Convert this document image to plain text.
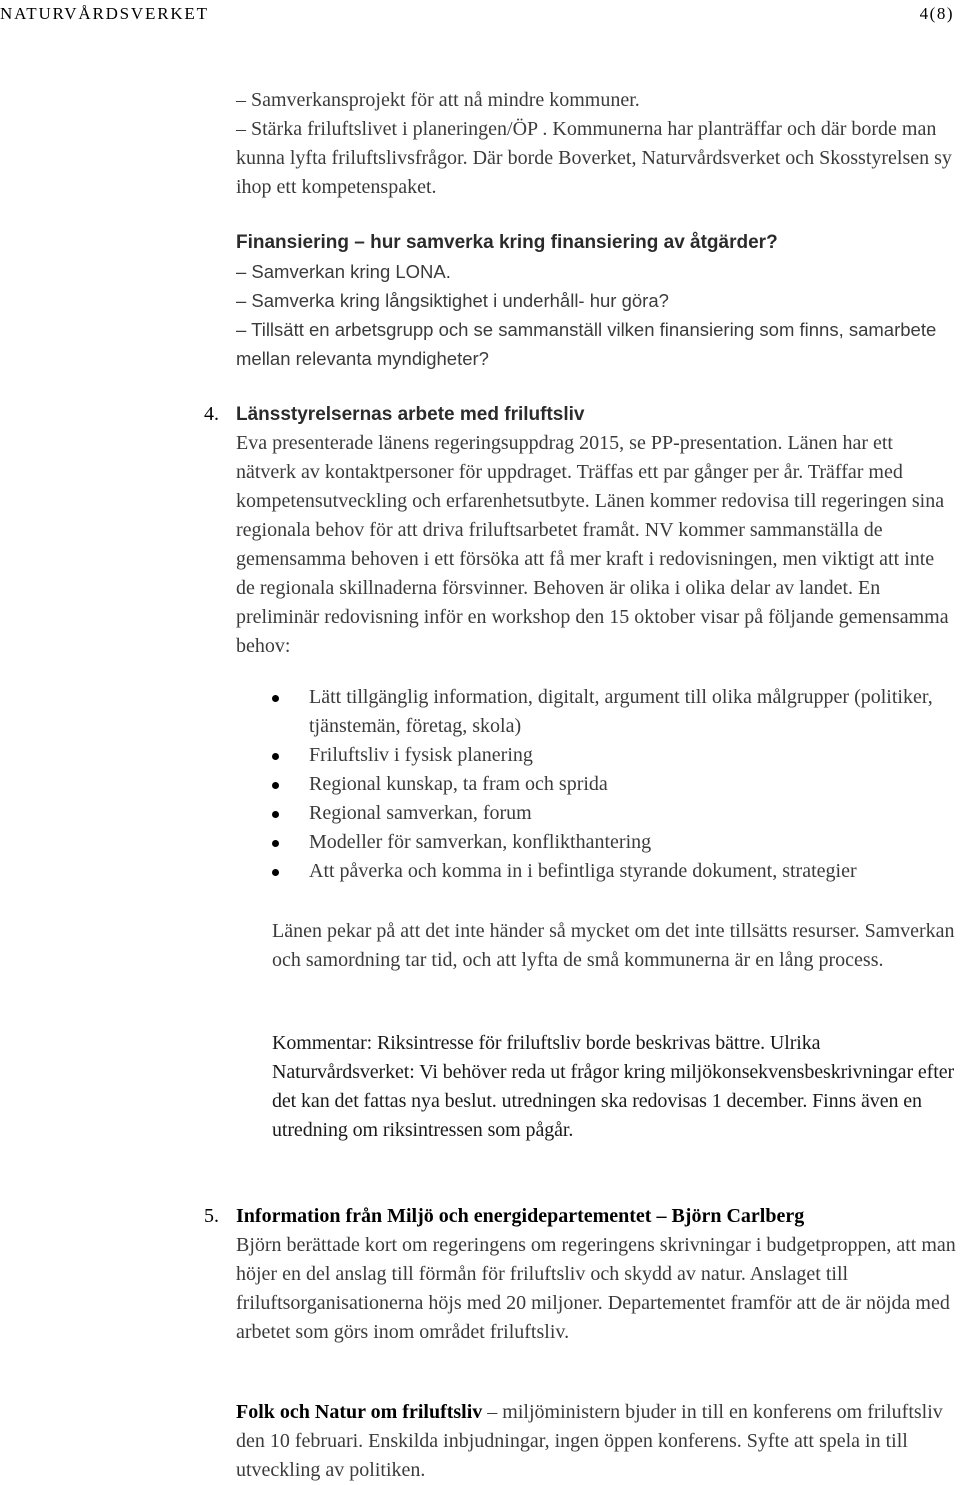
NATURVÅRDSVERKET	4(8)
– Samverkansprojekt för att nå mindre kommuner.
– Stärka friluftslivet i planeringen/ÖP . Kommunerna har planträffar och där borde man kunna lyfta friluftslivsfrågor. Där borde Boverket, Naturvårdsverket och Skosstyrelsen sy ihop ett kompetenspaket.
Finansiering – hur samverka kring finansiering av åtgärder?
– Samverkan kring LONA.
– Samverka kring långsiktighet i underhåll- hur göra?
– Tillsätt en arbetsgrupp och se sammanställ vilken finansiering som finns, samarbete mellan relevanta myndigheter?
4. Länsstyrelsernas arbete med friluftsliv
Eva presenterade länens regeringsuppdrag 2015, se PP-presentation. Länen har ett nätverk av kontaktpersoner för uppdraget. Träffas ett par gånger per år. Träffar med kompetensutveckling och erfarenhetsutbyte. Länen kommer redovisa till regeringen sina regionala behov för att driva friluftsarbetet framåt. NV kommer sammanställa de gemensamma behoven i ett försöka att få mer kraft i redovisningen, men viktigt att inte de regionala skillnaderna försvinner. Behoven är olika i olika delar av landet. En preliminär redovisning inför en workshop den 15 oktober visar på följande gemensamma behov:
Lätt tillgänglig information, digitalt, argument till olika målgrupper (politiker, tjänstemän, företag, skola)
Friluftsliv i fysisk planering
Regional kunskap, ta fram och sprida
Regional samverkan, forum
Modeller för samverkan, konflikthantering
Att påverka och komma in i befintliga styrande dokument, strategier
Länen pekar på att det inte händer så mycket om det inte tillsätts resurser. Samverkan och samordning tar tid, och att lyfta de små kommunerna är en lång process.
Kommentar: Riksintresse för friluftsliv borde beskrivas bättre. Ulrika Naturvårdsverket: Vi behöver reda ut frågor kring miljökonsekvensbeskrivningar efter det kan det fattas nya beslut. utredningen ska redovisas 1 december. Finns även en utredning om riksintressen som pågår.
5. Information från Miljö och energidepartementet – Björn Carlberg
Björn berättade kort om regeringens om regeringens skrivningar i budgetproppen, att man höjer en del anslag till förmån för friluftsliv och skydd av natur. Anslaget till friluftsorganisationerna höjs med 20 miljoner. Departementet framför att de är nöjda med arbetet som görs inom området friluftsliv.
Folk och Natur om friluftsliv – miljöministern bjuder in till en konferens om friluftsliv den 10 februari. Enskilda inbjudningar, ingen öppen konferens. Syfte att spela in till utveckling av politiken.
